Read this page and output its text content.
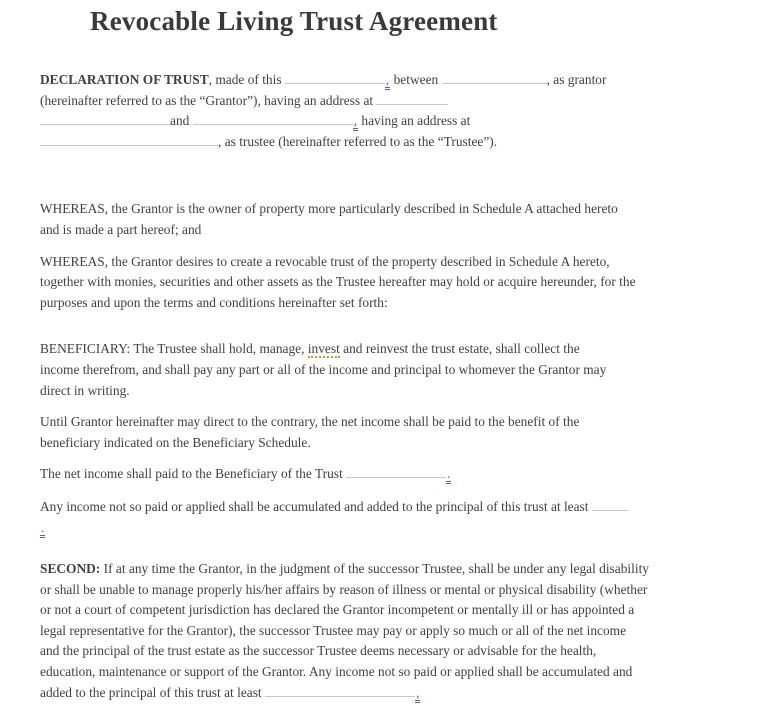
Revocable Living Trust Agreement
DECLARATION OF TRUST, made of this	, between	, as grantor
(hereinafter referred to as the “Grantor”), having an address at
and	, having an address at
, as trustee (hereinafter referred to as the “Trustee”).
WHEREAS, the Grantor is the owner of property more particularly described in Schedule A attached hereto
and is made a part hereof; and
WHEREAS, the Grantor desires to create a revocable trust of the property described in Schedule A hereto,
together with monies, securities and other assets as the Trustee hereafter may hold or acquire hereunder, for the
purposes and upon the terms and conditions hereinafter set forth:
BENEFICIARY: The Trustee shall hold, manage, invest and reinvest the trust estate, shall collect the
income therefrom, and shall pay any part or all of the income and principal to whomever the Grantor may
direct in writing.
Until Grantor hereinafter may direct to the contrary, the net income shall be paid to the benefit of the
beneficiary indicated on the Beneficiary Schedule.
The net income shall paid to the Beneficiary of the Trust	.
Any income not so paid or applied shall be accumulated and added to the principal of this trust at least
.
SECOND: If at any time the Grantor, in the judgment of the successor Trustee, shall be under any legal disability
or shall be unable to manage properly his/her affairs by reason of illness or mental or physical disability (whether
or not a court of competent jurisdiction has declared the Grantor incompetent or mentally ill or has appointed a
legal representative for the Grantor), the successor Trustee may pay or apply so much or all of the net income
and the principal of the trust estate as the successor Trustee deems necessary or advisable for the health,
education, maintenance or support of the Grantor. Any income not so paid or applied shall be accumulated and
added to the principal of this trust at least	,
